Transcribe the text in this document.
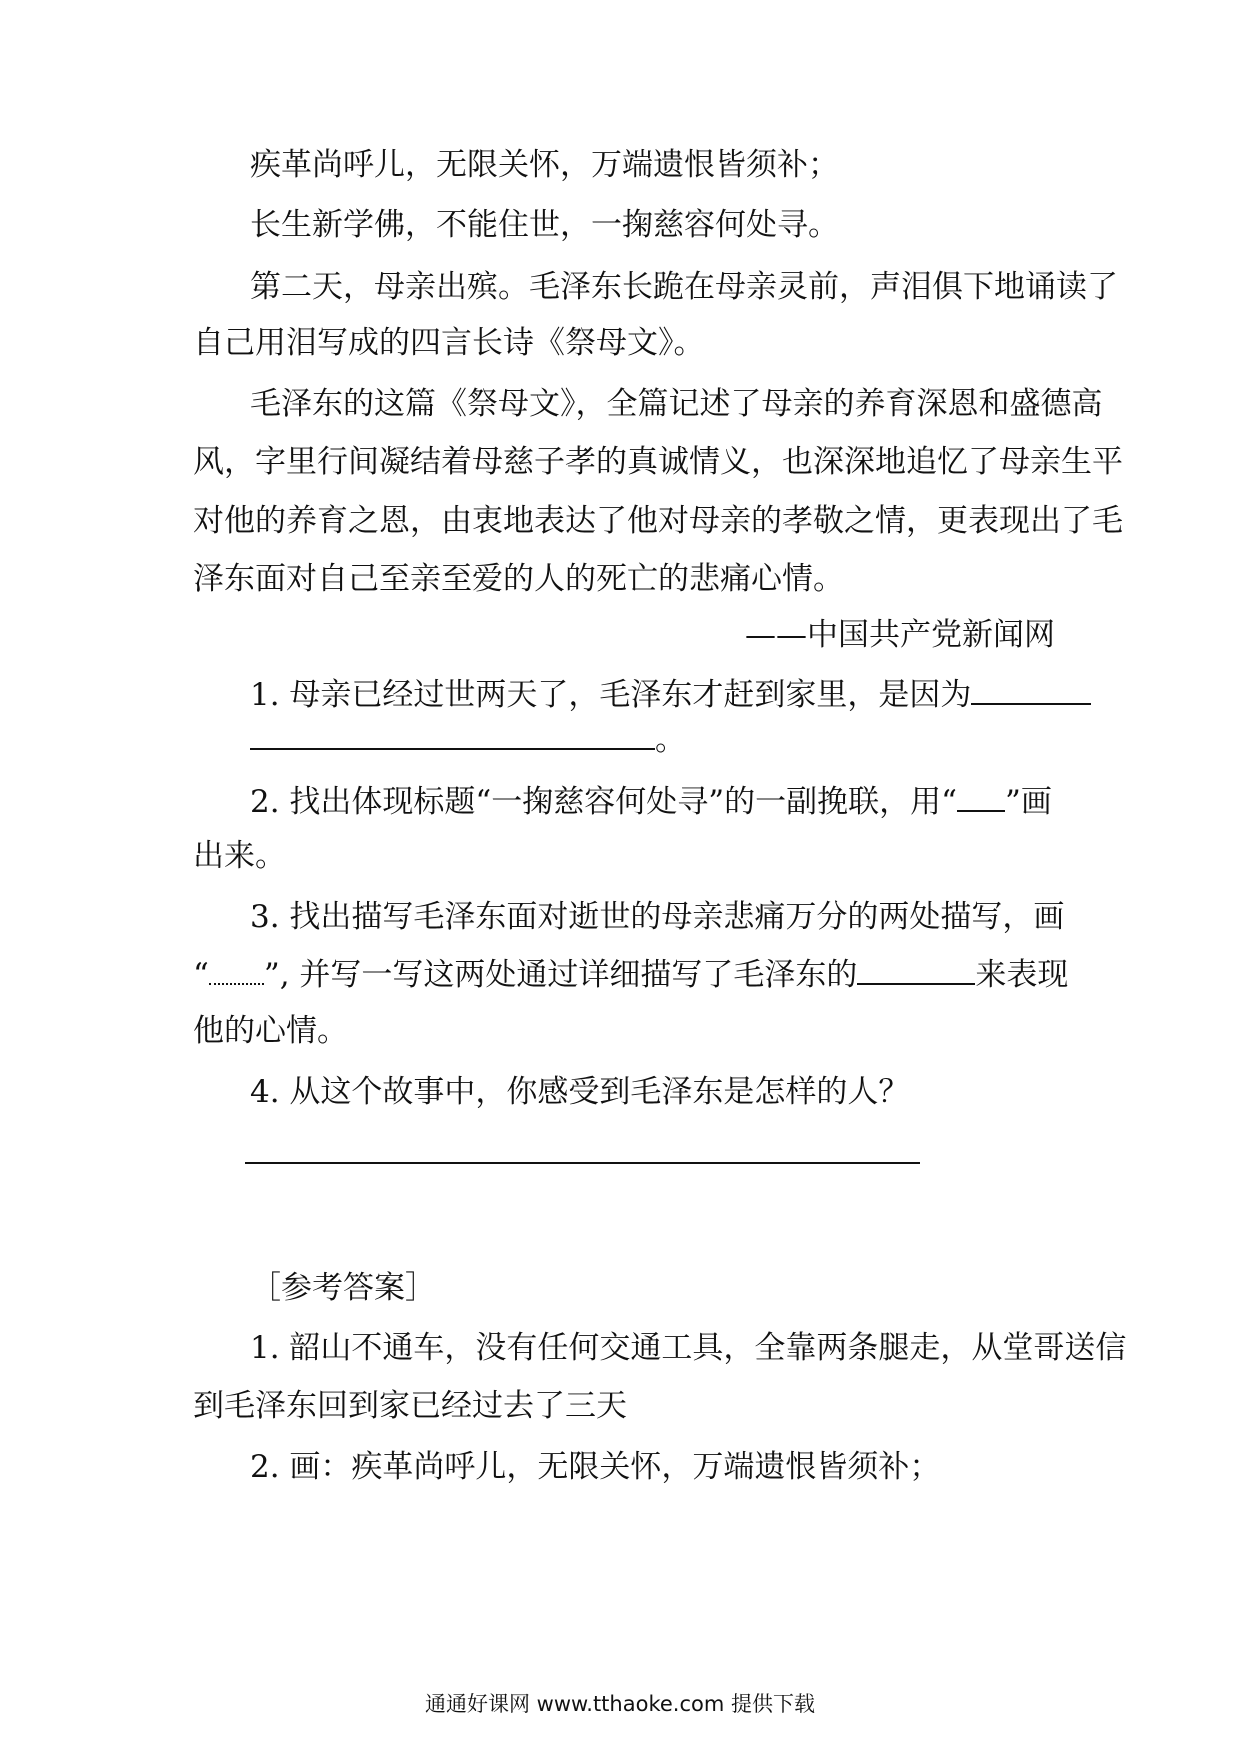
疾革尚呼儿，无限关怀，万端遗恨皆须补；
长生新学佛，不能住世，一掬慈容何处寻。
第二天，母亲出殡。毛泽东长跪在母亲灵前，声泪俱下地诵读了
自己用泪写成的四言长诗《祭母文》。
毛泽东的这篇《祭母文》，全篇记述了母亲的养育深恩和盛德高
风，字里行间凝结着母慈子孝的真诚情义，也深深地追忆了母亲生平
对他的养育之恩，由衷地表达了他对母亲的孝敬之情，更表现出了毛
泽东面对自己至亲至爱的人的死亡的悲痛心情。
——中国共产党新闻网
1. 母亲已经过世两天了，毛泽东才赶到家里，是因为
。
2. 找出体现标题“一掬慈容何处寻”的一副挽联，用“ ”画
出来。
3. 找出描写毛泽东面对逝世的母亲悲痛万分的两处描写，画
“ ”, 并写一写这两处通过详细描写了毛泽东的	来表现
他的心情。
4. 从这个故事中，你感受到毛泽东是怎样的人？
［参考答案］
1. 韶山不通车，没有任何交通工具，全靠两条腿走，从堂哥送信
到毛泽东回到家已经过去了三天
2. 画：疾革尚呼儿，无限关怀，万端遗恨皆须补；
通通好课网 www.tthaoke.com 提供下载
